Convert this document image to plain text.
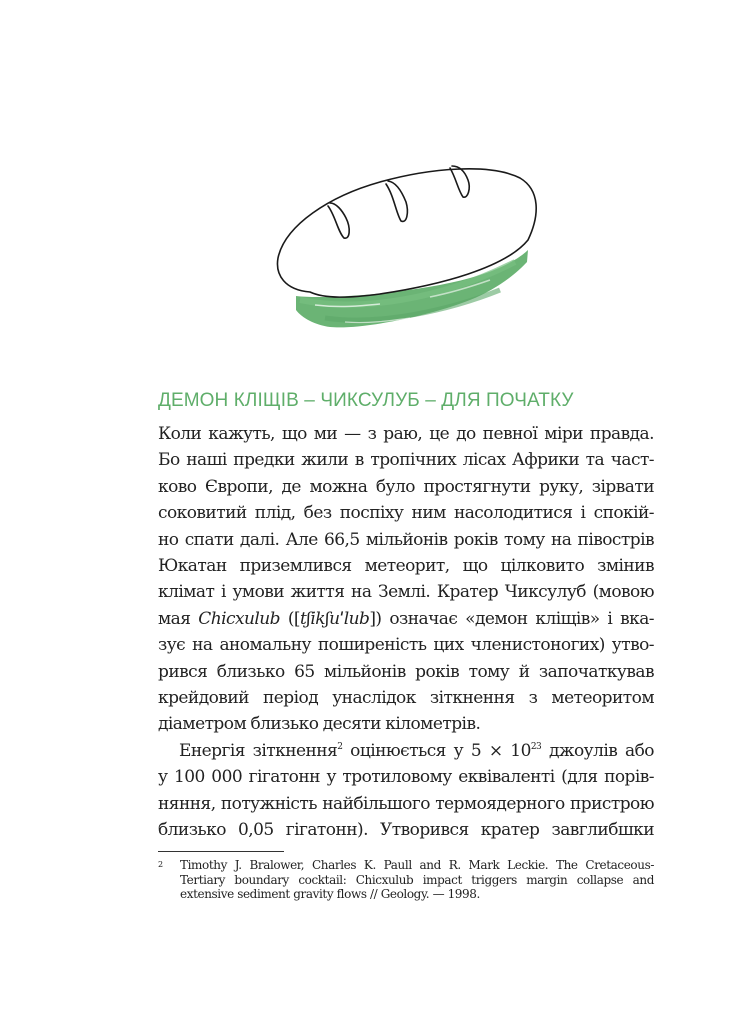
ДЕМОН КЛІЩІВ – ЧИКСУЛУБ – ДЛЯ ПОЧАТКУ
Коли кажуть, що ми — з раю, це до певної міри правда.
Бо наші предки жили в тропічних лісах Африки та част-
ково Європи, де можна було простягнути руку, зірвати
соковитий плід, без поспіху ним насолодитися і спокій-
но спати далі. Але 66,5 мільйонів років тому на півострів
Юкатан приземлився метеорит, що цілковито змінив
клімат і умови життя на Землі. Кратер Чиксулуб (мовою
мая Chicxulub ([tʃikʃuˈlub]) означає «демон кліщів» і вка-
зує на аномальну поширеність цих членистоногих) утво-
рився близько 65 мільйонів років тому й започаткував
крейдовий період унаслідок зіткнення з метеоритом
діаметром близько десяти кілометрів.
Енергія зіткнення$^2$ оцінюється у $5 \times 10^{23}$ джоулів або
у 100 000 гігатонн у тротиловому еквіваленті (для порів-
няння, потужність найбільшого термоядерного пристрою
близько 0,05 гігатонн). Утворився кратер завглибшки
2 Timothy J. Bralower, Charles K. Paull and R. Mark Leckie. The Cretaceous-
Tertiary boundary cocktail: Chicxulub impact triggers margin collapse and
extensive sediment gravity flows // Geology. — 1998.
